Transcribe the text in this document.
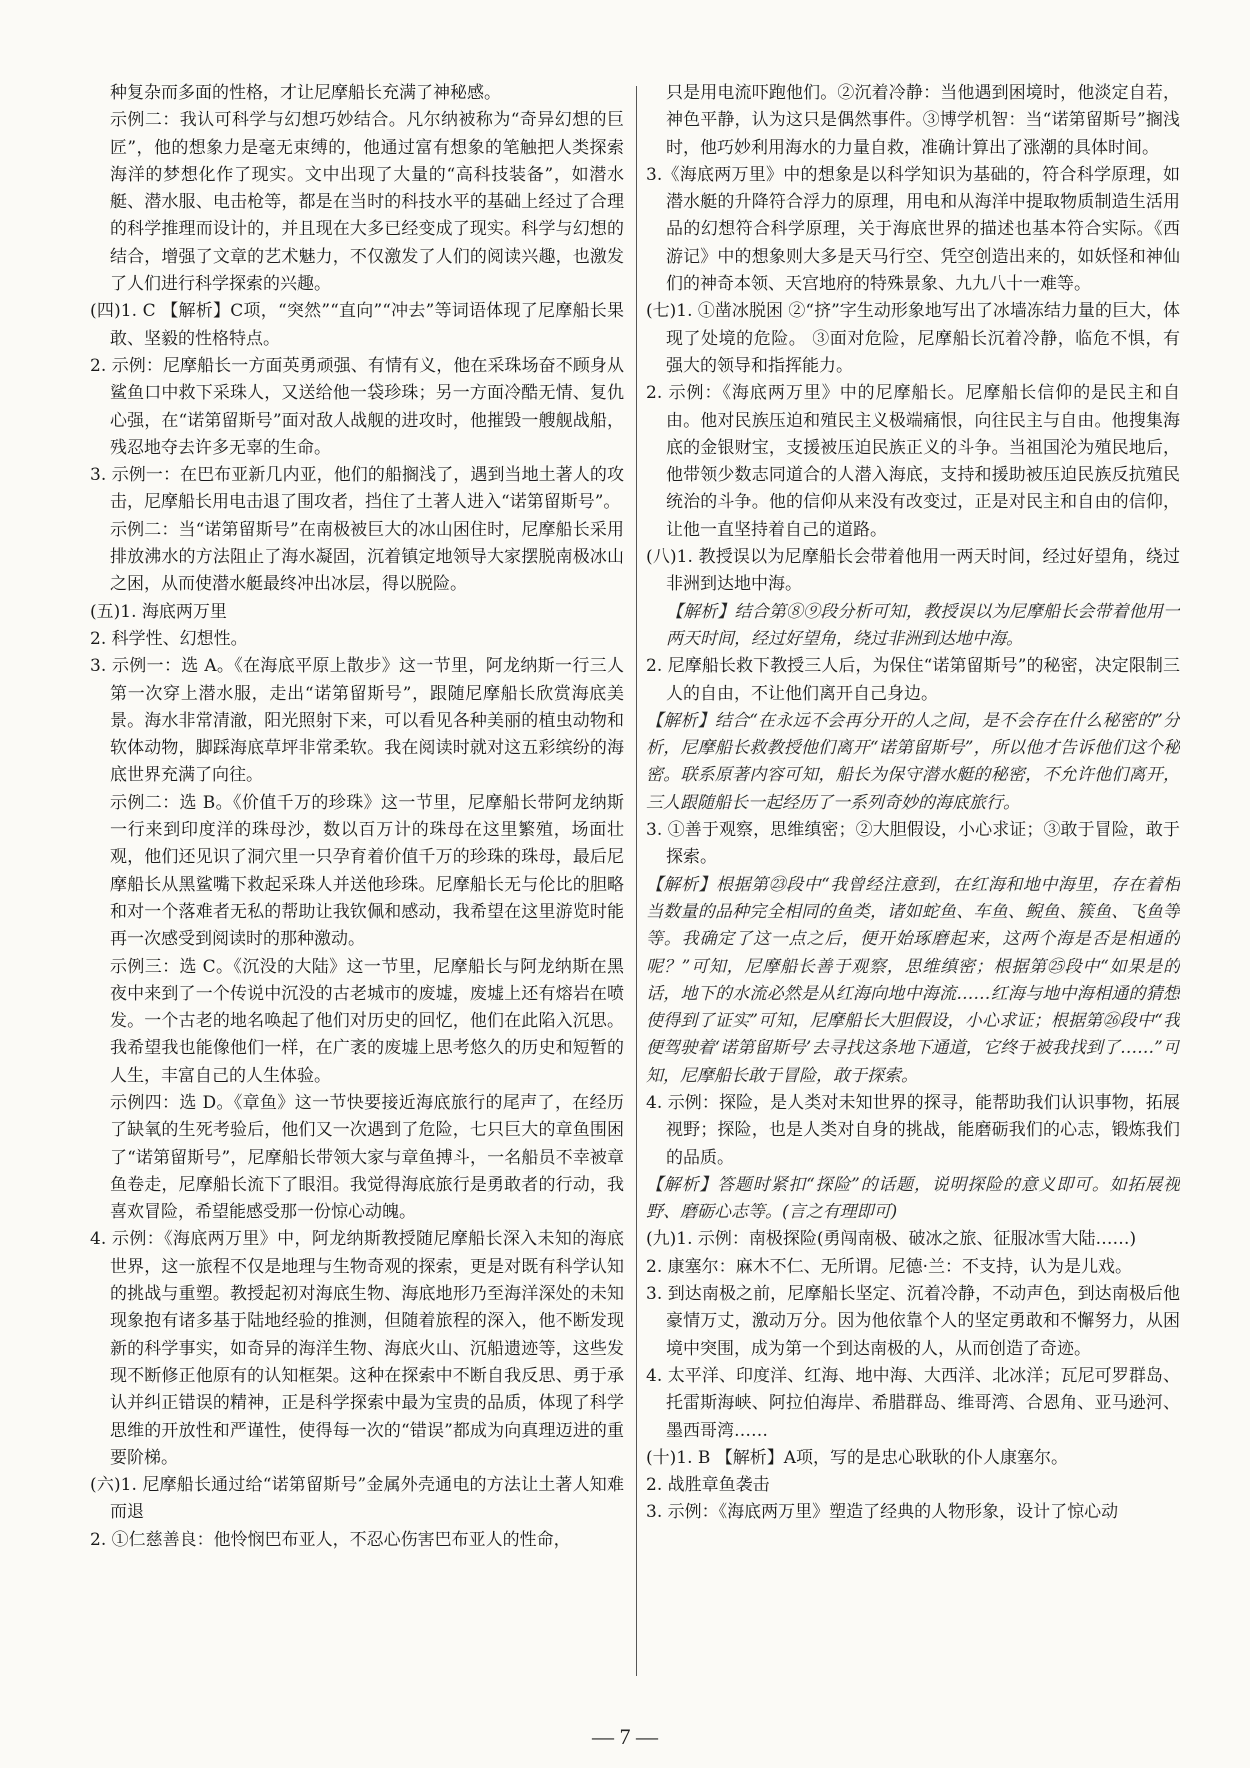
种复杂而多面的性格，才让尼摩船长充满了神秘感。

示例二：我认可科学与幻想巧妙结合。凡尔纳被称为“奇异幻想的巨匠”，他的想象力是毫无束缚的，他通过富有想象的笔触把人类探索海洋的梦想化作了现实。文中出现了大量的“高科技装备”，如潜水艇、潜水服、电击枪等，都是在当时的科技水平的基础上经过了合理的科学推理而设计的，并且现在大多已经变成了现实。科学与幻想的结合，增强了文章的艺术魅力，不仅激发了人们的阅读兴趣，也激发了人们进行科学探索的兴趣。

(四)1. C 【解析】C项，“突然”“直向”“冲去”等词语体现了尼摩船长果敢、坚毅的性格特点。

2. 示例：尼摩船长一方面英勇顽强、有情有义，他在采珠场奋不顾身从鲨鱼口中救下采珠人，又送给他一袋珍珠；另一方面冷酷无情、复仇心强，在“诺第留斯号”面对敌人战舰的进攻时，他摧毁一艘舰战船，残忍地夺去许多无辜的生命。

3. 示例一：在巴布亚新几内亚，他们的船搁浅了，遇到当地土著人的攻击，尼摩船长用电击退了围攻者，挡住了土著人进入“诺第留斯号”。

示例二：当“诺第留斯号”在南极被巨大的冰山困住时，尼摩船长采用排放沸水的方法阻止了海水凝固，沉着镇定地领导大家摆脱南极冰山之困，从而使潜水艇最终冲出冰层，得以脱险。

(五)1. 海底两万里

2. 科学性、幻想性。

3. 示例一：选 A。《在海底平原上散步》这一节里，阿龙纳斯一行三人第一次穿上潜水服，走出“诺第留斯号”，跟随尼摩船长欣赏海底美景。海水非常清澈，阳光照射下来，可以看见各种美丽的植虫动物和软体动物，脚踩海底草坪非常柔软。我在阅读时就对这五彩缤纷的海底世界充满了向往。

示例二：选 B。《价值千万的珍珠》这一节里，尼摩船长带阿龙纳斯一行来到印度洋的珠母沙，数以百万计的珠母在这里繁殖，场面壮观，他们还见识了洞穴里一只孕育着价值千万的珍珠的珠母，最后尼摩船长从黑鲨嘴下救起采珠人并送他珍珠。尼摩船长无与伦比的胆略和对一个落难者无私的帮助让我钦佩和感动，我希望在这里游览时能再一次感受到阅读时的那种激动。

示例三：选 C。《沉没的大陆》这一节里，尼摩船长与阿龙纳斯在黑夜中来到了一个传说中沉没的古老城市的废墟，废墟上还有熔岩在喷发。一个古老的地名唤起了他们对历史的回忆，他们在此陷入沉思。我希望我也能像他们一样，在广袤的废墟上思考悠久的历史和短暂的人生，丰富自己的人生体验。

示例四：选 D。《章鱼》这一节快要接近海底旅行的尾声了，在经历了缺氧的生死考验后，他们又一次遇到了危险，七只巨大的章鱼围困了“诺第留斯号”，尼摩船长带领大家与章鱼搏斗，一名船员不幸被章鱼卷走，尼摩船长流下了眼泪。我觉得海底旅行是勇敢者的行动，我喜欢冒险，希望能感受那一份惊心动魄。

4. 示例：《海底两万里》中，阿龙纳斯教授随尼摩船长深入未知的海底世界，这一旅程不仅是地理与生物奇观的探索，更是对既有科学认知的挑战与重塑。教授起初对海底生物、海底地形乃至海洋深处的未知现象抱有诸多基于陆地经验的推测，但随着旅程的深入，他不断发现新的科学事实，如奇异的海洋生物、海底火山、沉船遗迹等，这些发现不断修正他原有的认知框架。这种在探索中不断自我反思、勇于承认并纠正错误的精神，正是科学探索中最为宝贵的品质，体现了科学思维的开放性和严谨性，使得每一次的“错误”都成为向真理迈进的重要阶梯。

(六)1. 尼摩船长通过给“诺第留斯号”金属外壳通电的方法让土著人知难而退

2. ①仁慈善良：他怜悯巴布亚人，不忍心伤害巴布亚人的性命，

只是用电流吓跑他们。②沉着冷静：当他遇到困境时，他淡定自若，神色平静，认为这只是偶然事件。③博学机智：当“诺第留斯号”搁浅时，他巧妙利用海水的力量自救，准确计算出了涨潮的具体时间。

3.《海底两万里》中的想象是以科学知识为基础的，符合科学原理，如潜水艇的升降符合浮力的原理，用电和从海洋中提取物质制造生活用品的幻想符合科学原理，关于海底世界的描述也基本符合实际。《西游记》中的想象则大多是天马行空、凭空创造出来的，如妖怪和神仙们的神奇本领、天宫地府的特殊景象、九九八十一难等。

(七)1. ①凿冰脱困 ②“挤”字生动形象地写出了冰墙冻结力量的巨大，体现了处境的危险。 ③面对危险，尼摩船长沉着冷静，临危不惧，有强大的领导和指挥能力。

2. 示例：《海底两万里》中的尼摩船长。尼摩船长信仰的是民主和自由。他对民族压迫和殖民主义极端痛恨，向往民主与自由。他搜集海底的金银财宝，支援被压迫民族正义的斗争。当祖国沦为殖民地后，他带领少数志同道合的人潜入海底，支持和援助被压迫民族反抗殖民统治的斗争。他的信仰从来没有改变过，正是对民主和自由的信仰，让他一直坚持着自己的道路。

(八)1. 教授误以为尼摩船长会带着他用一两天时间，经过好望角，绕过非洲到达地中海。

【解析】结合第⑧⑨段分析可知，教授误以为尼摩船长会带着他用一两天时间，经过好望角，绕过非洲到达地中海。

2. 尼摩船长救下教授三人后，为保住“诺第留斯号”的秘密，决定限制三人的自由，不让他们离开自己身边。

【解析】结合“在永远不会再分开的人之间，是不会存在什么秘密的”分析，尼摩船长救教授他们离开“诺第留斯号”，所以他才告诉他们这个秘密。联系原著内容可知，船长为保守潜水艇的秘密，不允许他们离开，三人跟随船长一起经历了一系列奇妙的海底旅行。

3. ①善于观察，思维缜密；②大胆假设，小心求证；③敢于冒险，敢于探索。

【解析】根据第㉓段中“我曾经注意到，在红海和地中海里，存在着相当数量的品种完全相同的鱼类，诸如蛇鱼、车鱼、鲵鱼、簇鱼、飞鱼等等。我确定了这一点之后，便开始琢磨起来，这两个海是否是相通的呢？”可知，尼摩船长善于观察，思维缜密；根据第㉕段中“如果是的话，地下的水流必然是从红海向地中海流……红海与地中海相通的猜想使得到了证实”可知，尼摩船长大胆假设，小心求证；根据第㉖段中“我便驾驶着‘诺第留斯号’去寻找这条地下通道，它终于被我找到了……”可知，尼摩船长敢于冒险，敢于探索。

4. 示例：探险，是人类对未知世界的探寻，能帮助我们认识事物，拓展视野；探险，也是人类对自身的挑战，能磨砺我们的心志，锻炼我们的品质。

【解析】答题时紧扣“探险”的话题，说明探险的意义即可。如拓展视野、磨砺心志等。(言之有理即可)

(九)1. 示例：南极探险(勇闯南极、破冰之旅、征服冰雪大陆……)

2. 康塞尔：麻木不仁、无所谓。尼德·兰：不支持，认为是儿戏。

3. 到达南极之前，尼摩船长坚定、沉着冷静，不动声色，到达南极后他豪情万丈，激动万分。因为他依靠个人的坚定勇敢和不懈努力，从困境中突围，成为第一个到达南极的人，从而创造了奇迹。

4. 太平洋、印度洋、红海、地中海、大西洋、北冰洋；瓦尼可罗群岛、托雷斯海峡、阿拉伯海岸、希腊群岛、维哥湾、合恩角、亚马逊河、墨西哥湾……

(十)1. B 【解析】A项，写的是忠心耿耿的仆人康塞尔。

2. 战胜章鱼袭击

3. 示例：《海底两万里》塑造了经典的人物形象，设计了惊心动

— 7 —
